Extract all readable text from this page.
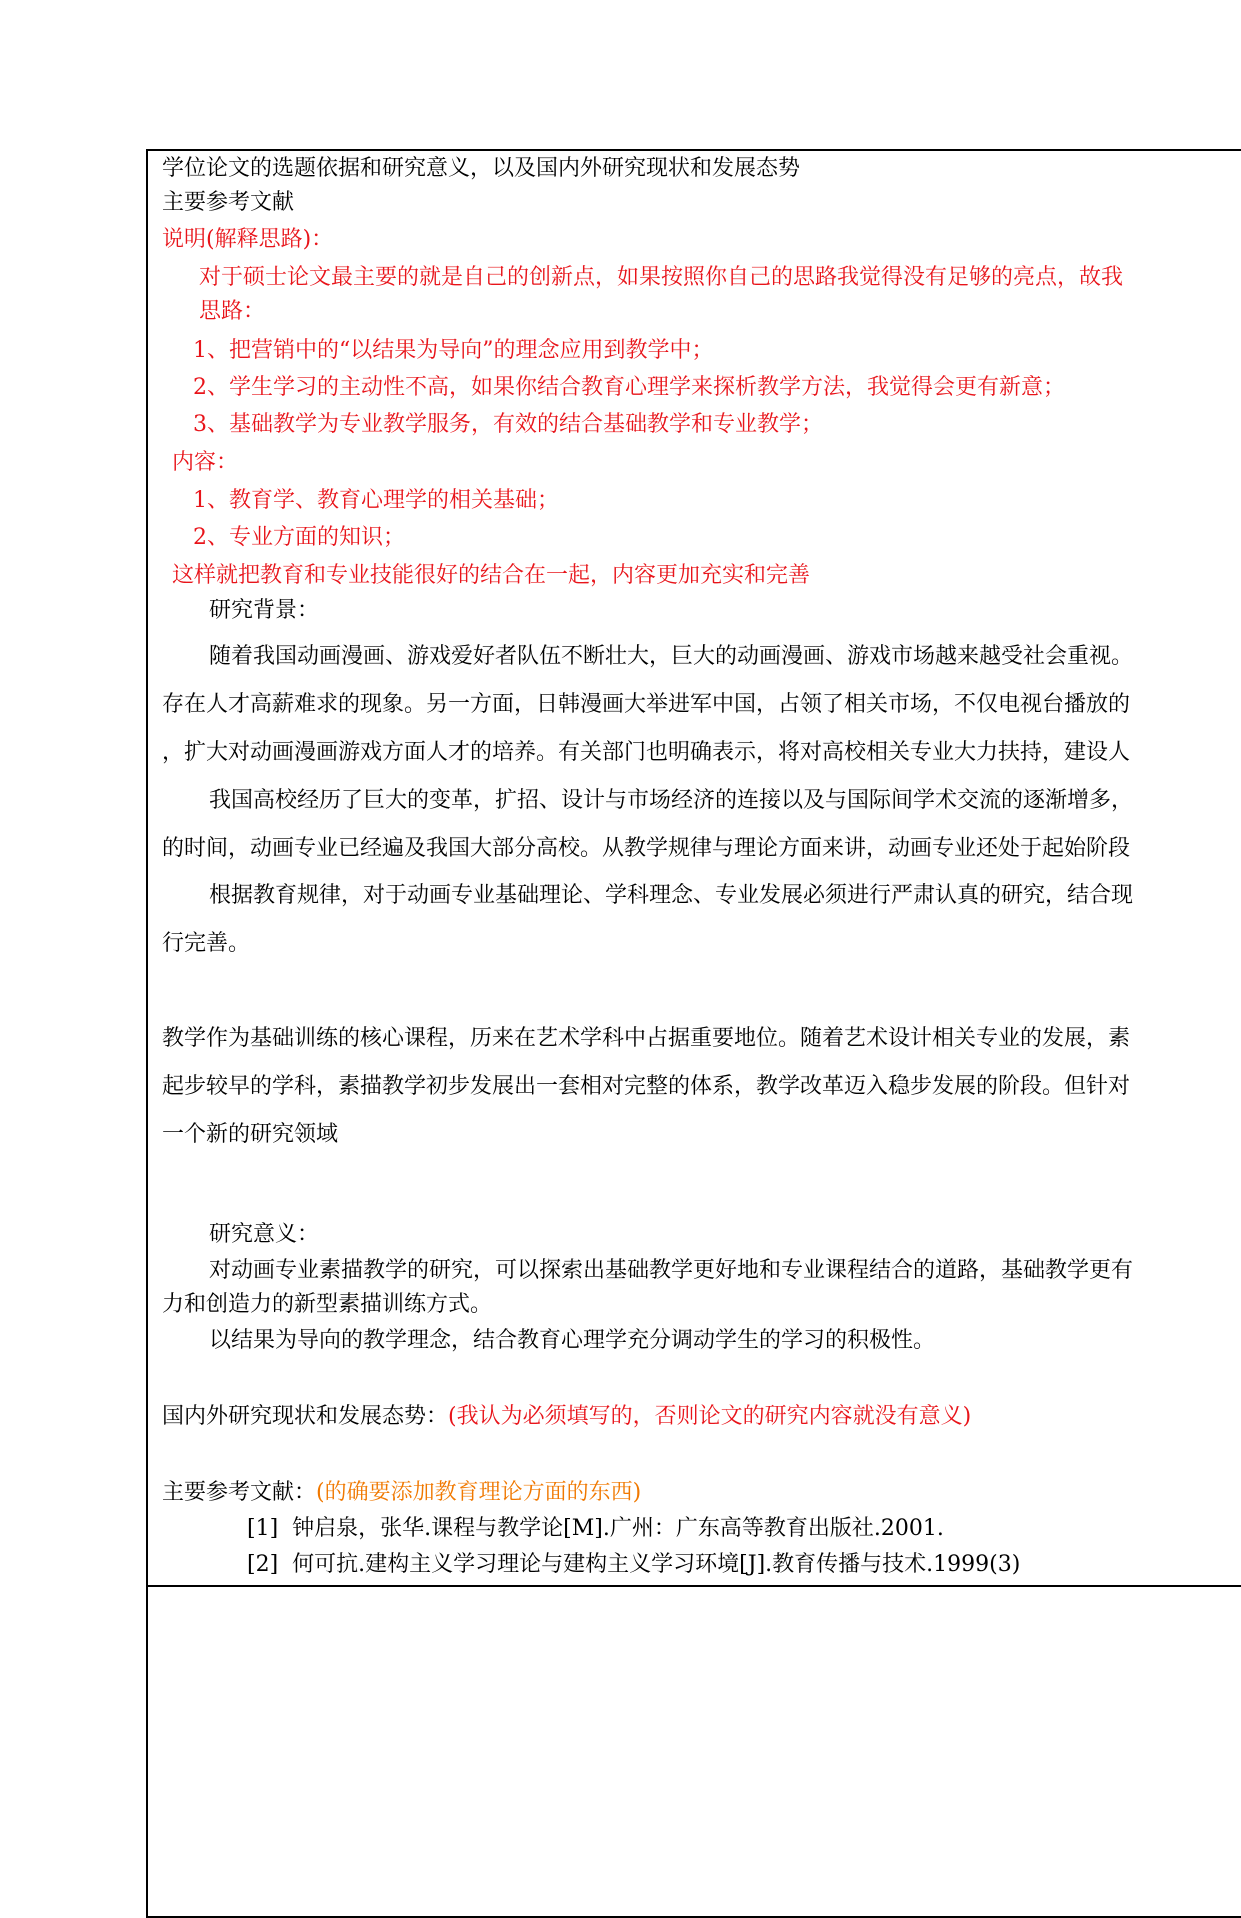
学位论文的选题依据和研究意义，以及国内外研究现状和发展态势
主要参考文献
说明(解释思路)：
对于硕士论文最主要的就是自己的创新点，如果按照你自己的思路我觉得没有足够的亮点，故我
思路：
1、把营销中的“以结果为导向”的理念应用到教学中；
2、学生学习的主动性不高，如果你结合教育心理学来探析教学方法，我觉得会更有新意；
3、基础教学为专业教学服务，有效的结合基础教学和专业教学；
内容：
1、教育学、教育心理学的相关基础；
2、专业方面的知识；
这样就把教育和专业技能很好的结合在一起，内容更加充实和完善
研究背景：
随着我国动画漫画、游戏爱好者队伍不断壮大，巨大的动画漫画、游戏市场越来越受社会重视。
存在人才高薪难求的现象。另一方面，日韩漫画大举进军中国，占领了相关市场，不仅电视台播放的
，扩大对动画漫画游戏方面人才的培养。有关部门也明确表示，将对高校相关专业大力扶持，建设人
我国高校经历了巨大的变革，扩招、设计与市场经济的连接以及与国际间学术交流的逐渐增多，
的时间，动画专业已经遍及我国大部分高校。从教学规律与理论方面来讲，动画专业还处于起始阶段
根据教育规律，对于动画专业基础理论、学科理念、专业发展必须进行严肃认真的研究，结合现
行完善。
教学作为基础训练的核心课程，历来在艺术学科中占据重要地位。随着艺术设计相关专业的发展，素
起步较早的学科，素描教学初步发展出一套相对完整的体系，教学改革迈入稳步发展的阶段。但针对
一个新的研究领域
研究意义：
对动画专业素描教学的研究，可以探索出基础教学更好地和专业课程结合的道路，基础教学更有
力和创造力的新型素描训练方式。
以结果为导向的教学理念，结合教育心理学充分调动学生的学习的积极性。
国内外研究现状和发展态势：(我认为必须填写的，否则论文的研究内容就没有意义)
主要参考文献：(的确要添加教育理论方面的东西)
[1] 钟启泉，张华.课程与教学论[M].广州：广东高等教育出版社.2001.
[2] 何可抗.建构主义学习理论与建构主义学习环境[J].教育传播与技术.1999(3)
